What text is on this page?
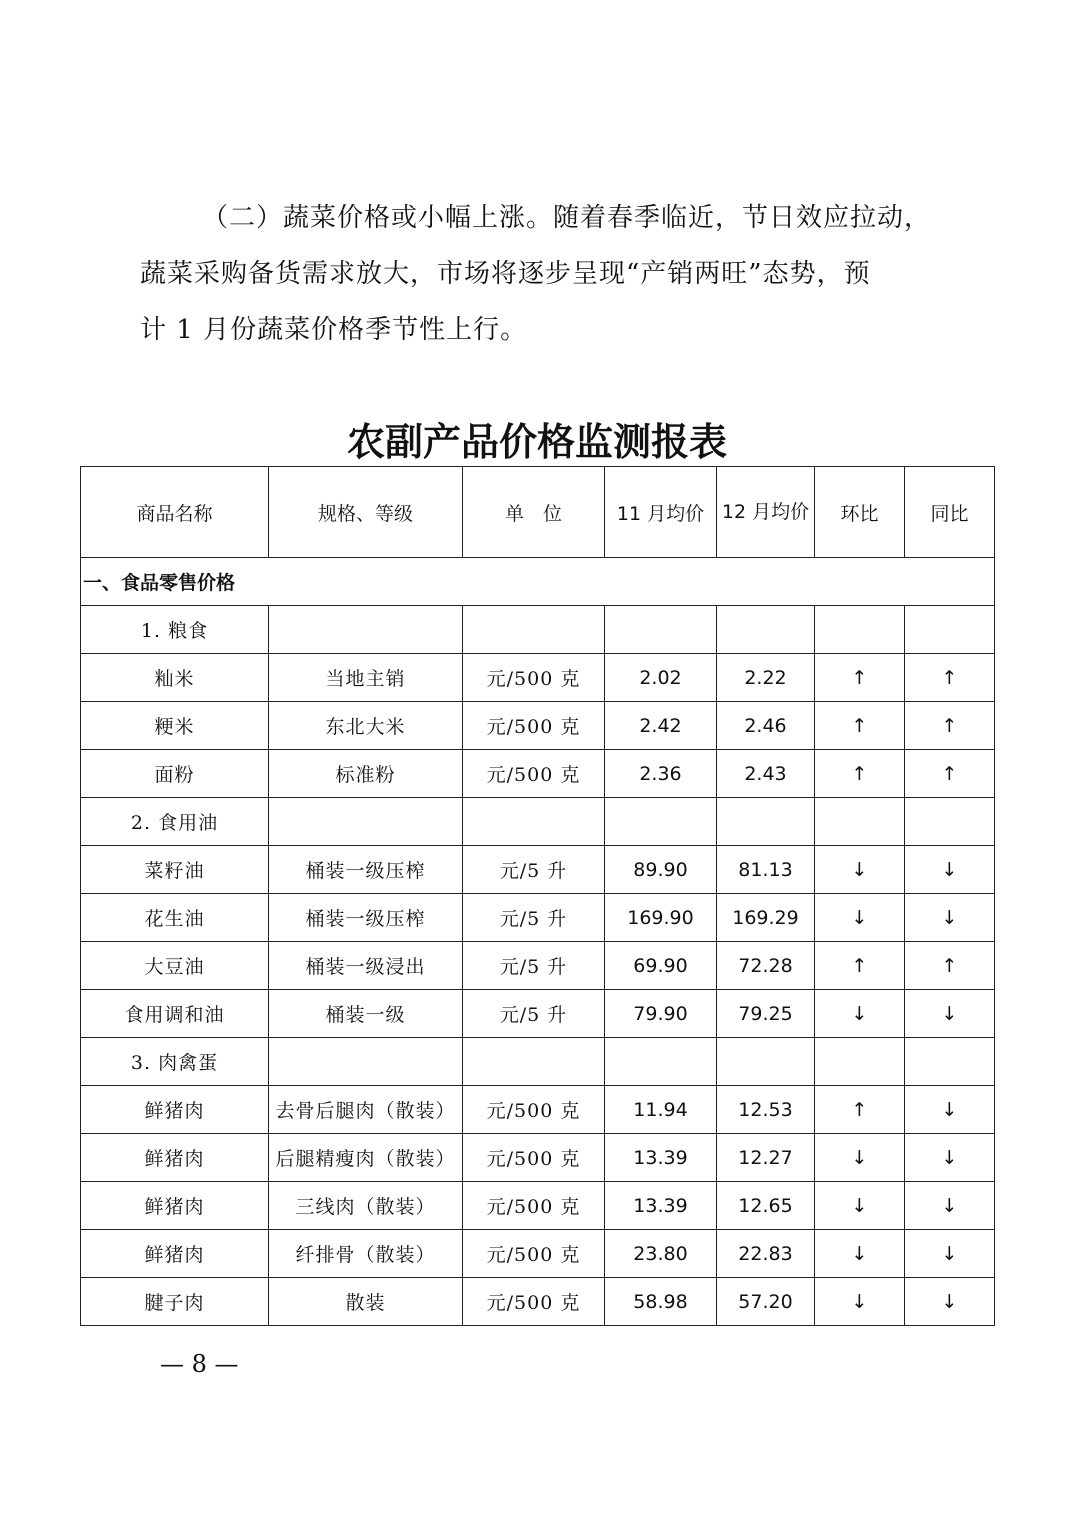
（二）蔬菜价格或小幅上涨。随着春季临近，节日效应拉动，
蔬菜采购备货需求放大，市场将逐步呈现“产销两旺”态势，预
计 1 月份蔬菜价格季节性上行。
农副产品价格监测报表
商品名称	规格、等级	单　位	11 月均价	12 月均价	环比	同比
一、食品零售价格						
1. 粮食						
籼米	当地主销	元/500 克	2.02	2.22	↑	↑
粳米	东北大米	元/500 克	2.42	2.46	↑	↑
面粉	标准粉	元/500 克	2.36	2.43	↑	↑
2. 食用油						
菜籽油	桶装一级压榨	元/5 升	89.90	81.13	↓	↓
花生油	桶装一级压榨	元/5 升	169.90	169.29	↓	↓
大豆油	桶装一级浸出	元/5 升	69.90	72.28	↑	↑
食用调和油	桶装一级	元/5 升	79.90	79.25	↓	↓
3. 肉禽蛋						
鲜猪肉	去骨后腿肉（散装）	元/500 克	11.94	12.53	↑	↓
鲜猪肉	后腿精瘦肉（散装）	元/500 克	13.39	12.27	↓	↓
鲜猪肉	三线肉（散装）	元/500 克	13.39	12.65	↓	↓
鲜猪肉	纤排骨（散装）	元/500 克	23.80	22.83	↓	↓
腱子肉	散装	元/500 克	58.98	57.20	↓	↓
— 8 —
